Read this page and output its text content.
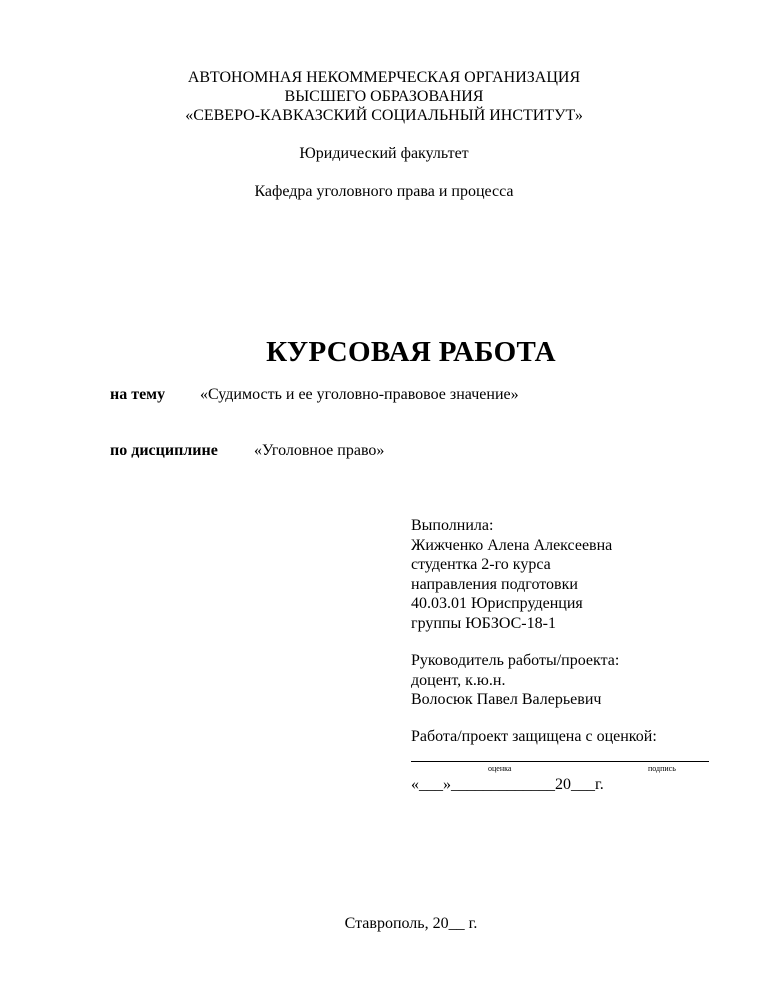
АВТОНОМНАЯ НЕКОММЕРЧЕСКАЯ ОРГАНИЗАЦИЯ
ВЫСШЕГО ОБРАЗОВАНИЯ
«СЕВЕРО-КАВКАЗСКИЙ СОЦИАЛЬНЫЙ ИНСТИТУТ»
Юридический факультет
Кафедра уголовного права и процесса
КУРСОВАЯ РАБОТА
на тему «Судимость и ее уголовно-правовое значение»
по дисциплине «Уголовное право»
Выполнила:
Жижченко Алена Алексеевна
студентка 2-го курса
направления подготовки
40.03.01 Юриспруденция
группы ЮБЗОС-18-1
Руководитель работы/проекта:
доцент, к.ю.н.
Волосюк Павел Валерьевич
Работа/проект защищена с оценкой:
оценка	подпись
«___»_____________20___г.
Ставрополь, 20__ г.
